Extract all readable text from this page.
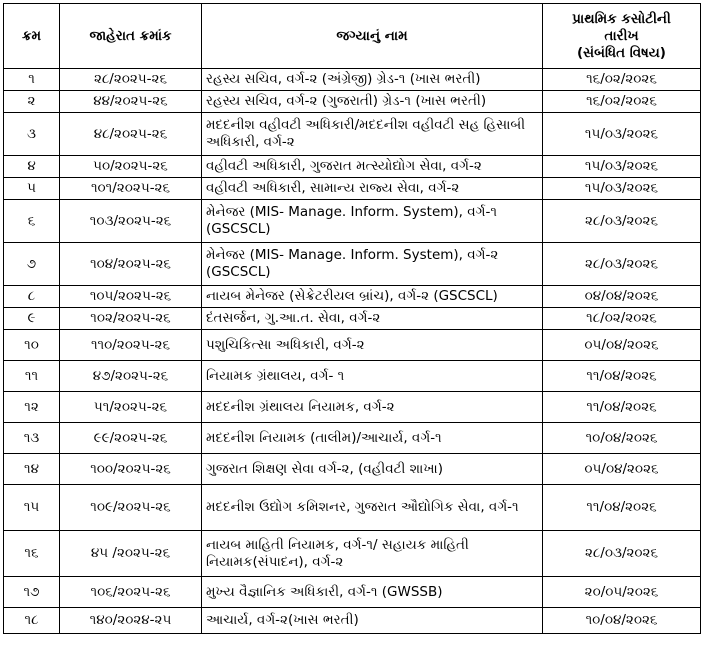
ક્રમ	જાહેરાત ક્રમાંક	જગ્યાનું નામ	પ્રાથમિક કસોટીની
તારીખ
(સંબંધિત વિષય)

૧	૨૮/૨૦૨૫-૨૬	રહસ્ય સચિવ, વર્ગ-૨ (અંગ્રેજી) ગ્રેડ-૧ (ખાસ ભરતી)	૧૬/૦૨/૨૦૨૬
૨	૪૪/૨૦૨૫-૨૬	રહસ્ય સચિવ, વર્ગ-૨ (ગુજરાતી) ગ્રેડ-૧ (ખાસ ભરતી)	૧૬/૦૨/૨૦૨૬
૩	૪૮/૨૦૨૫-૨૬	મદદનીશ વહીવટી અધિકારી/મદદનીશ વહીવટી સહ હિસાબી અધિકારી, વર્ગ-૨	૧૫/૦૩/૨૦૨૬
૪	૫૦/૨૦૨૫-૨૬	વહીવટી અધિકારી, ગુજરાત મત્સ્યોદ્યોગ સેવા, વર્ગ-૨	૧૫/૦૩/૨૦૨૬
૫	૧૦૧/૨૦૨૫-૨૬	વહીવટી અધિકારી, સામાન્ય રાજ્ય સેવા, વર્ગ-૨	૧૫/૦૩/૨૦૨૬
૬	૧૦૩/૨૦૨૫-૨૬	મેનેજર (MIS- Manage. Inform. System), વર્ગ-૧ (GSCSCL)	૨૮/૦૩/૨૦૨૬
૭	૧૦૪/૨૦૨૫-૨૬	મેનેજર (MIS- Manage. Inform. System), વર્ગ-૨ (GSCSCL)	૨૮/૦૩/૨૦૨૬
૮	૧૦૫/૨૦૨૫-૨૬	નાયબ મેનેજર (સેક્રેટરીયલ બ્રાંચ), વર્ગ-૨ (GSCSCL)	૦૪/૦૪/૨૦૨૬
૯	૧૦૨/૨૦૨૫-૨૬	દંતસર્જન, ગુ.આ.ત. સેવા, વર્ગ-૨	૧૮/૦૨/૨૦૨૬
૧૦	૧૧૦/૨૦૨૫-૨૬	પશુચિકિત્સા અધિકારી, વર્ગ-૨	૦૫/૦૪/૨૦૨૬
૧૧	૪૭/૨૦૨૫-૨૬	નિયામક ગ્રંથાલય, વર્ગ- ૧	૧૧/૦૪/૨૦૨૬
૧૨	૫૧/૨૦૨૫-૨૬	મદદનીશ ગ્રંથાલય નિયામક, વર્ગ-૨	૧૧/૦૪/૨૦૨૬
૧૩	૯૯/૨૦૨૫-૨૬	મદદનીશ નિયામક (તાલીમ)/આચાર્ય, વર્ગ-૧	૧૦/૦૪/૨૦૨૬
૧૪	૧૦૦/૨૦૨૫-૨૬	ગુજરાત શિક્ષણ સેવા વર્ગ-૨, (વહીવટી શાખા)	૦૫/૦૪/૨૦૨૬
૧૫	૧૦૯/૨૦૨૫-૨૬	મદદનીશ ઉદ્યોગ કમિશનર, ગુજરાત ઔદ્યોગિક સેવા, વર્ગ-૧	૧૧/૦૪/૨૦૨૬
૧૬	૪૫ /૨૦૨૫-૨૬	નાયબ માહિતી નિયામક, વર્ગ-૧/ સહાયક માહિતી નિયામક(સંપાદન), વર્ગ-૨	૨૮/૦૩/૨૦૨૬
૧૭	૧૦૬/૨૦૨૫-૨૬	મુખ્ય વૈજ્ઞાનિક અધિકારી, વર્ગ-૧ (GWSSB)	૨૦/૦૫/૨૦૨૬
૧૮	૧૪૦/૨૦૨૪-૨૫	આચાર્ય, વર્ગ-૨(ખાસ ભરતી)	૧૦/૦૪/૨૦૨૬
